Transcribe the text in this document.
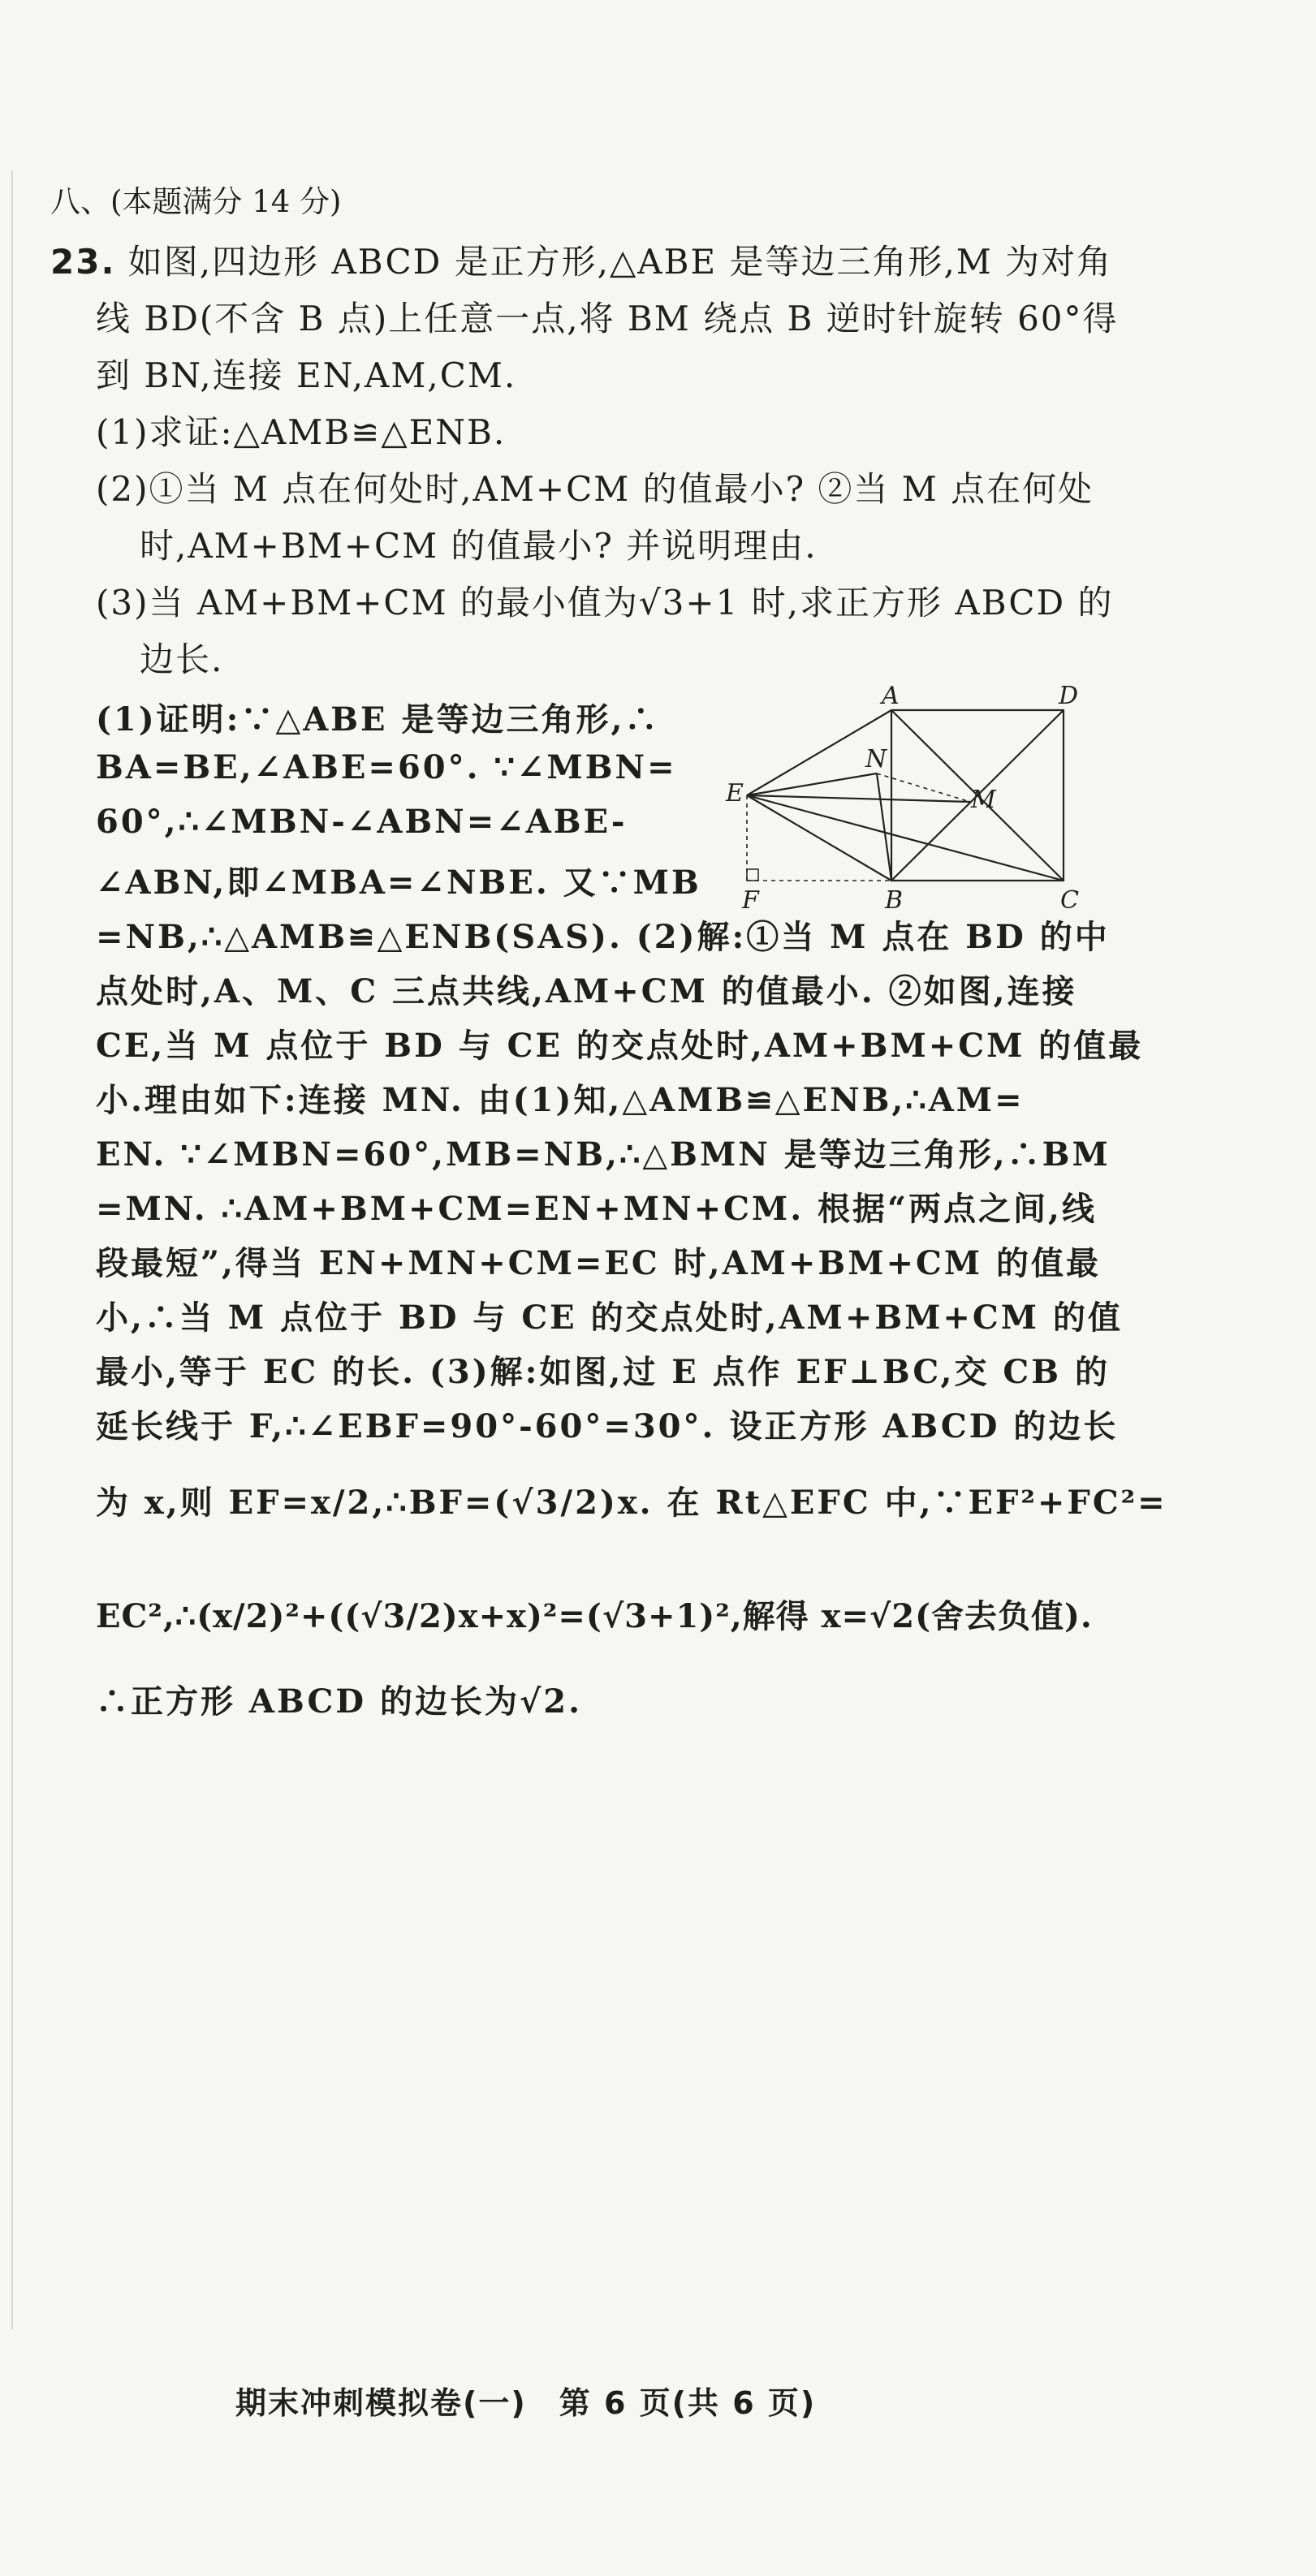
八、(本题满分 14 分)
23. 如图,四边形 ABCD 是正方形,△ABE 是等边三角形,M 为对角
线 BD(不含 B 点)上任意一点,将 BM 绕点 B 逆时针旋转 60°得
到 BN,连接 EN,AM,CM.
(1)求证:△AMB≌△ENB.
(2)①当 M 点在何处时,AM+CM 的值最小? ②当 M 点在何处
时,AM+BM+CM 的值最小? 并说明理由.
(3)当 AM+BM+CM 的最小值为√3+1 时,求正方形 ABCD 的
边长.
(1)证明:∵△ABE 是等边三角形,∴
BA=BE,∠ABE=60°. ∵∠MBN=
60°,∴∠MBN-∠ABN=∠ABE-
∠ABN,即∠MBA=∠NBE. 又∵MB
=NB,∴△AMB≌△ENB(SAS). (2)解:①当 M 点在 BD 的中
A	D
E
N
M
F	B	C
点处时,A、M、C 三点共线,AM+CM 的值最小. ②如图,连接
CE,当 M 点位于 BD 与 CE 的交点处时,AM+BM+CM 的值最
小.理由如下:连接 MN. 由(1)知,△AMB≌△ENB,∴AM=
EN. ∵∠MBN=60°,MB=NB,∴△BMN 是等边三角形,∴BM
=MN. ∴AM+BM+CM=EN+MN+CM. 根据“两点之间,线
段最短”,得当 EN+MN+CM=EC 时,AM+BM+CM 的值最
小,∴当 M 点位于 BD 与 CE 的交点处时,AM+BM+CM 的值
最小,等于 EC 的长. (3)解:如图,过 E 点作 EF⊥BC,交 CB 的
延长线于 F,∴∠EBF=90°-60°=30°. 设正方形 ABCD 的边长
为 x,则 EF=x/2,∴BF=(√3/2)x. 在 Rt△EFC 中,∵EF²+FC²=
EC²,∴(x/2)²+((√3/2)x+x)²=(√3+1)²,解得 x=√2(舍去负值).
∴正方形 ABCD 的边长为√2.
期末冲刺模拟卷(一) 第 6 页(共 6 页)
